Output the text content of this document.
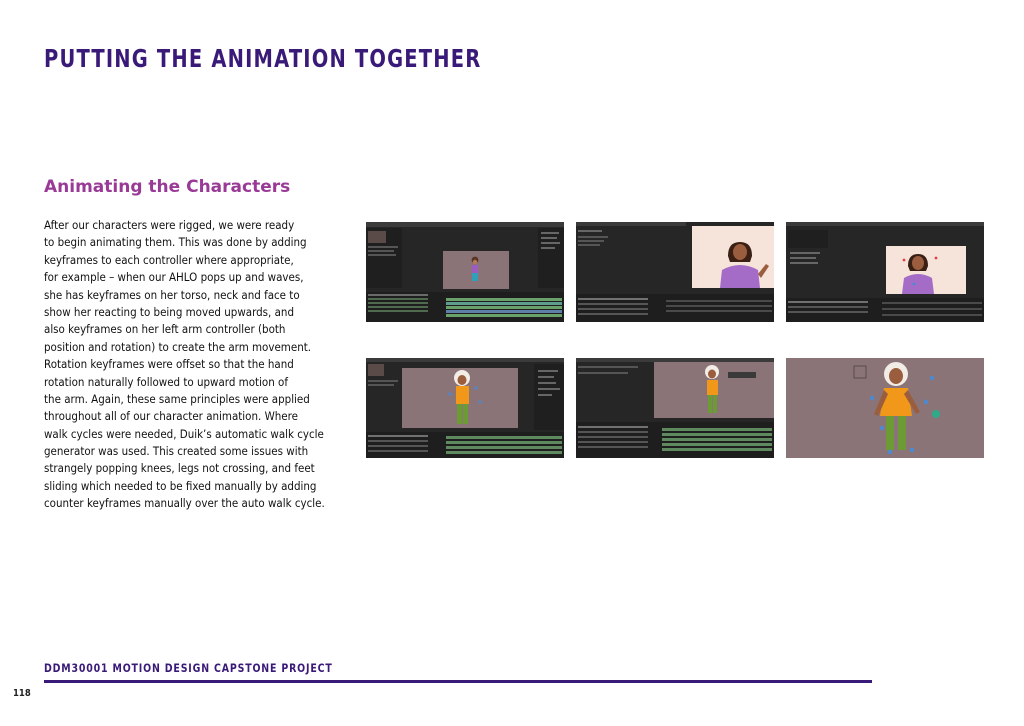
PUTTING THE ANIMATION TOGETHER
Animating the Characters
After our characters were rigged, we were ready
to begin animating them. This was done by adding
keyframes to each controller where appropriate,
for example – when our AHLO pops up and waves,
she has keyframes on her torso, neck and face to
show her reacting to being moved upwards, and
also keyframes on her left arm controller (both
position and rotation) to create the arm movement.
Rotation keyframes were offset so that the hand
rotation naturally followed to upward motion of
the arm. Again, these same principles were applied
throughout all of our character animation. Where
walk cycles were needed, Duik’s automatic walk cycle
generator was used. This created some issues with
strangely popping knees, legs not crossing, and feet
sliding which needed to be fixed manually by adding
counter keyframes manually over the auto walk cycle.
DDM30001 MOTION DESIGN CAPSTONE PROJECT
118
